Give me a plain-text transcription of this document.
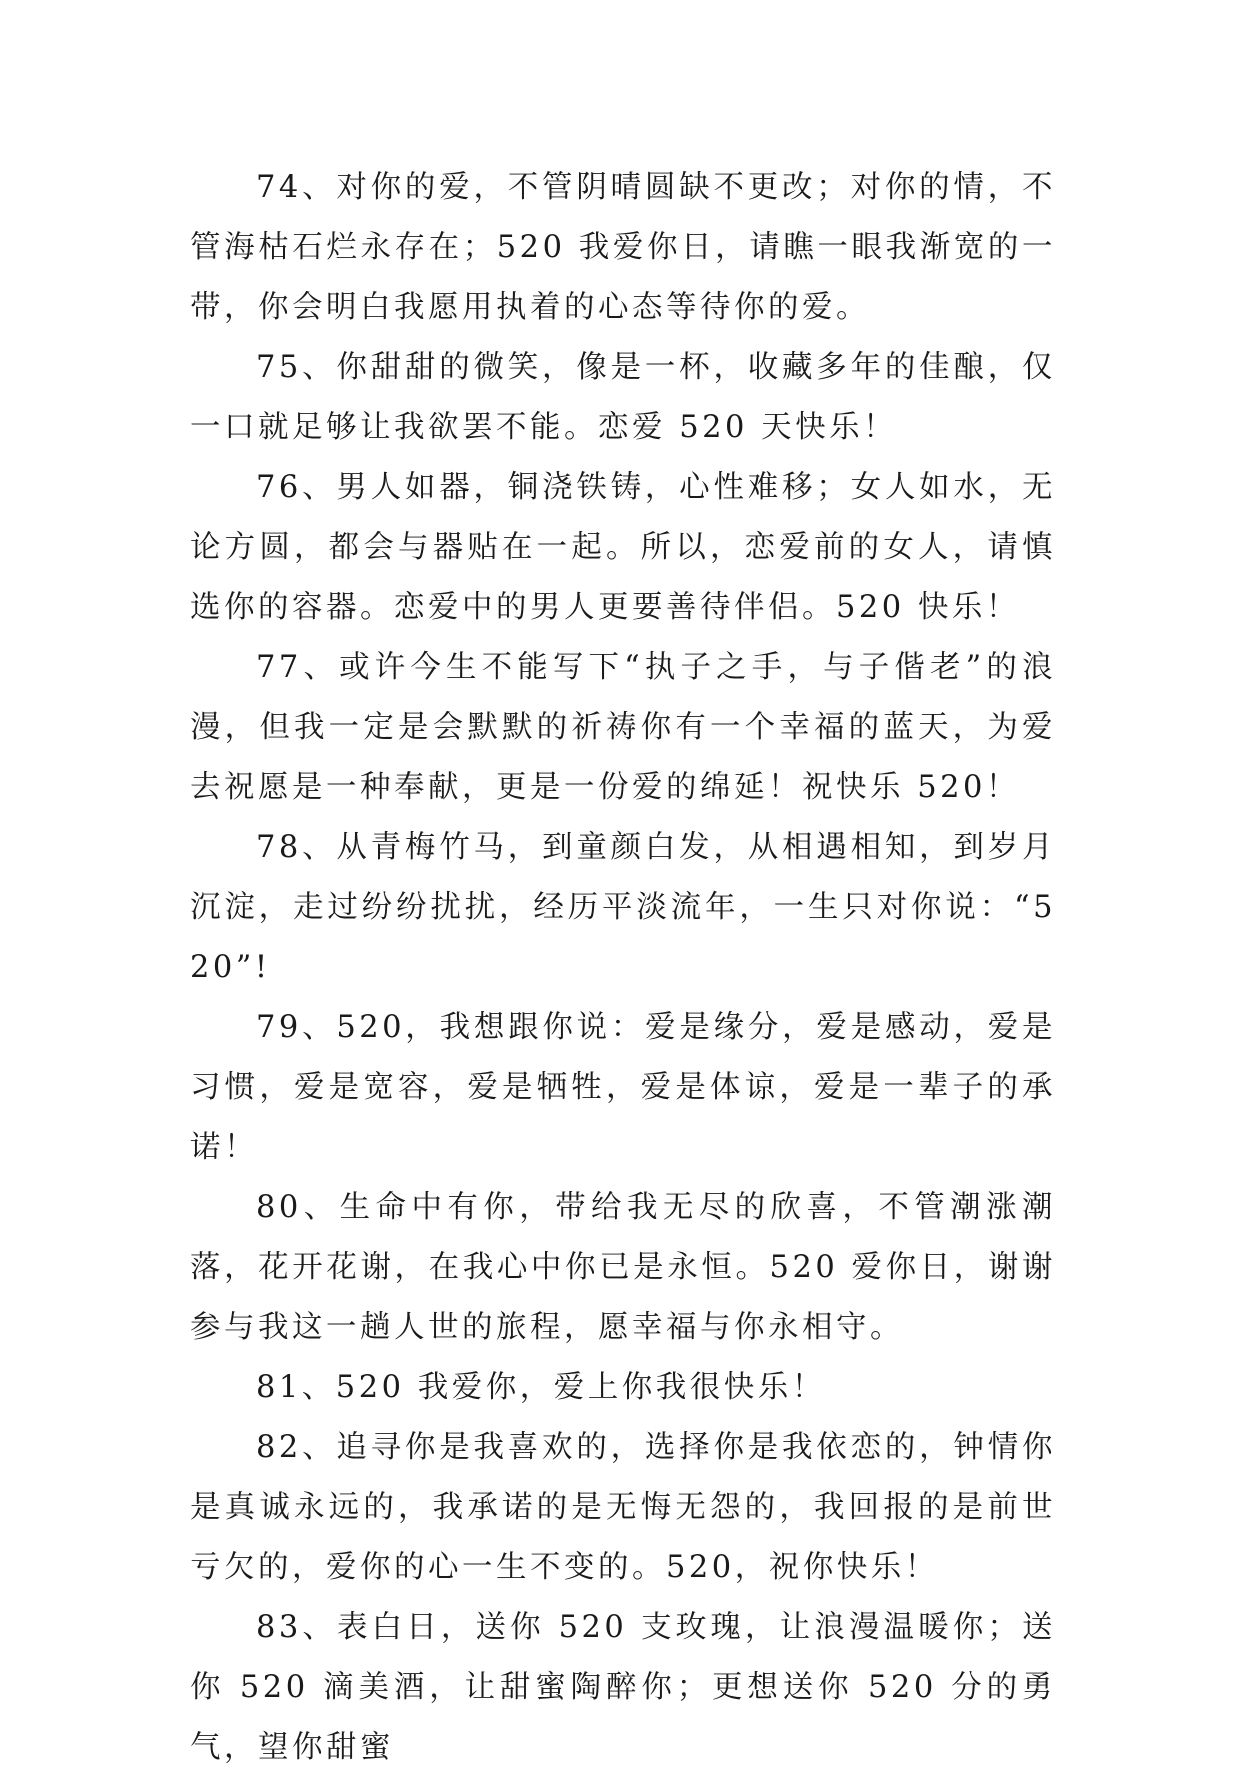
74、对你的爱，不管阴晴圆缺不更改；对你的情，不管海枯石烂永存在；520 我爱你日，请瞧一眼我渐宽的一带，你会明白我愿用执着的心态等待你的爱。

75、你甜甜的微笑，像是一杯，收藏多年的佳酿，仅一口就足够让我欲罢不能。恋爱 520 天快乐！

76、男人如器，铜浇铁铸，心性难移；女人如水，无论方圆，都会与器贴在一起。所以，恋爱前的女人，请慎选你的容器。恋爱中的男人更要善待伴侣。520 快乐！

77、或许今生不能写下“执子之手，与子偕老”的浪漫，但我一定是会默默的祈祷你有一个幸福的蓝天，为爱去祝愿是一种奉献，更是一份爱的绵延！祝快乐 520！

78、从青梅竹马，到童颜白发，从相遇相知，到岁月沉淀，走过纷纷扰扰，经历平淡流年，一生只对你说：“520”!

79、520，我想跟你说：爱是缘分，爱是感动，爱是习惯，爱是宽容，爱是牺牲，爱是体谅，爱是一辈子的承诺！

80、生命中有你，带给我无尽的欣喜，不管潮涨潮落，花开花谢，在我心中你已是永恒。520 爱你日，谢谢参与我这一趟人世的旅程，愿幸福与你永相守。

81、520 我爱你，爱上你我很快乐！

82、追寻你是我喜欢的，选择你是我依恋的，钟情你是真诚永远的，我承诺的是无悔无怨的，我回报的是前世亏欠的，爱你的心一生不变的。520，祝你快乐！

83、表白日，送你 520 支玫瑰，让浪漫温暖你；送你 520 滴美酒，让甜蜜陶醉你；更想送你 520 分的勇气，望你甜蜜
